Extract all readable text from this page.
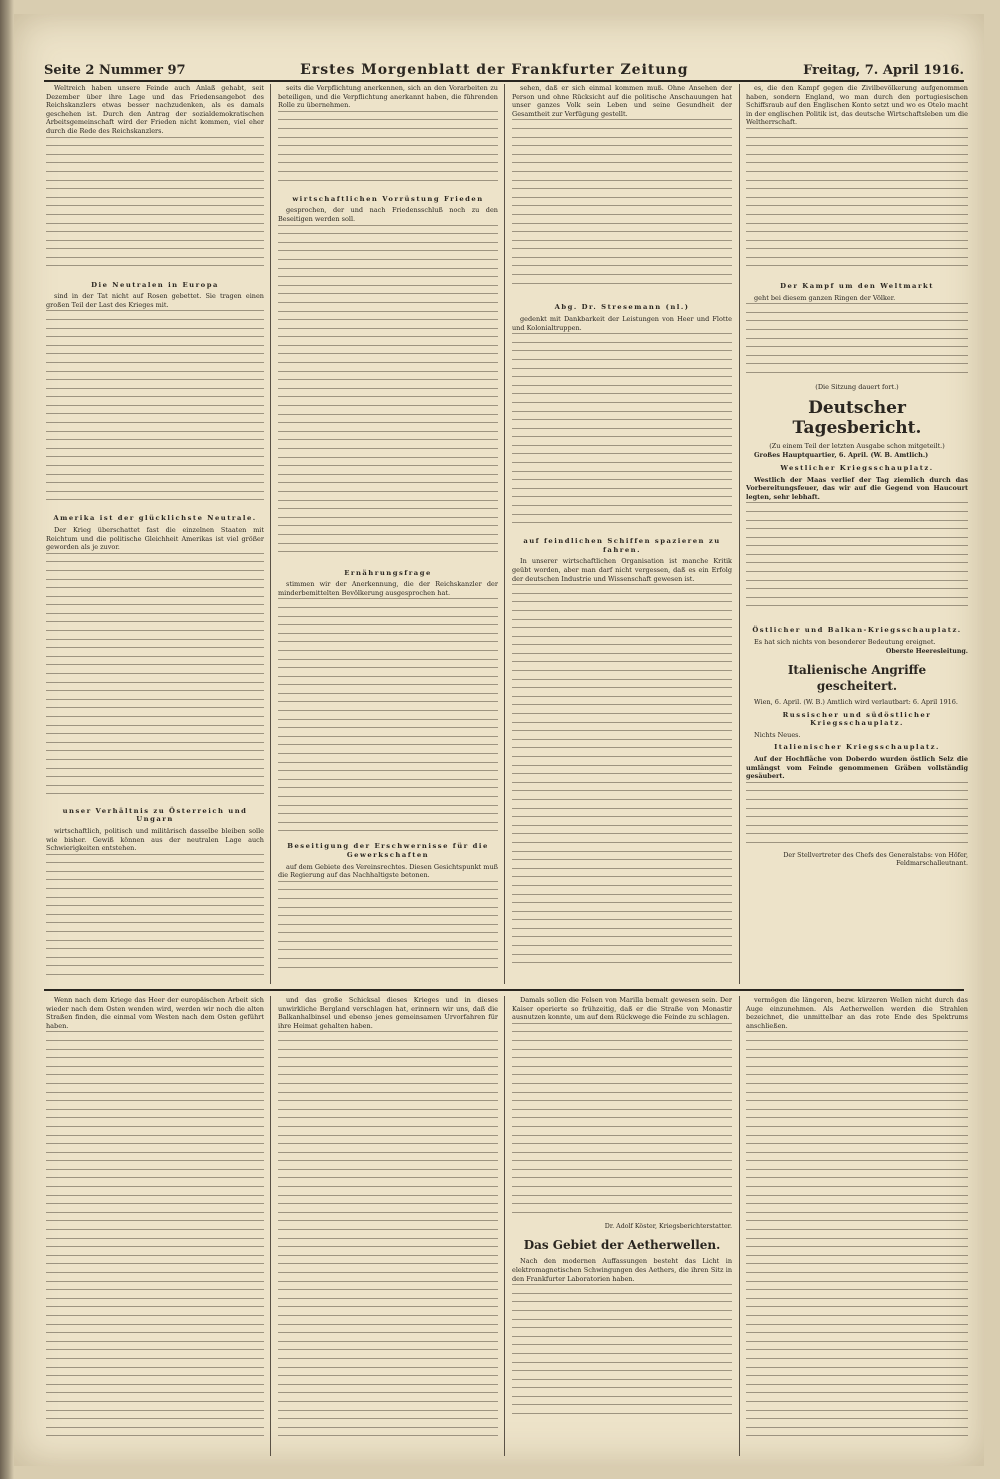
Seite 2 Nummer 97	Erstes Morgenblatt der Frankfurter Zeitung	Freitag, 7. April 1916.

Weltreich haben unsere Feinde auch Anlaß gehabt, seit Dezember über ihre Lage und das Friedensangebot des Reichskanzlers etwas besser nachzudenken, als es damals geschehen ist. Durch den Antrag der sozialdemokratischen Arbeitsgemeinschaft wird der Frieden nicht kommen, viel eher durch die Rede des Reichskanzlers.

Die Neutralen in Europa

sind in der Tat nicht auf Rosen gebettet. Sie tragen einen großen Teil der Last des Krieges mit.

Amerika ist der glücklichste Neutrale.

Der Krieg überschattet fast die einzelnen Staaten mit Reichtum und die politische Gleichheit Amerikas ist viel größer geworden als je zuvor.

unser Verhältnis zu Österreich und Ungarn

wirtschaftlich, politisch und militärisch dasselbe bleiben solle wie bisher. Gewiß können aus der neutralen Lage auch Schwierigkeiten entstehen.

seits die Verpflichtung anerkennen, sich an den Vorarbeiten zu beteiligen, und die Verpflichtung anerkannt haben, die führenden Rolle zu übernehmen.

wirtschaftlichen Vorrüstung Frieden

gesprochen, der und nach Friedensschluß noch zu den Beseitigen werden soll.

Ernährungsfrage

stimmen wir der Anerkennung, die der Reichskanzler der minderbemittelten Bevölkerung ausgesprochen hat.

Beseitigung der Erschwernisse für die Gewerkschaften

auf dem Gebiete des Vereinsrechtes. Diesen Gesichtspunkt muß die Regierung auf das Nachhaltigste betonen.

sehen, daß er sich einmal kommen muß. Ohne Ansehen der Person und ohne Rücksicht auf die politische Anschauungen hat unser ganzes Volk sein Leben und seine Gesundheit der Gesamtheit zur Verfügung gestellt.

Abg. Dr. Stresemann (nl.)

gedenkt mit Dankbarkeit der Leistungen von Heer und Flotte und Kolonialtruppen.

auf feindlichen Schiffen spazieren zu fahren.

In unserer wirtschaftlichen Organisation ist manche Kritik geübt worden, aber man darf nicht vergessen, daß es ein Erfolg der deutschen Industrie und Wissenschaft gewesen ist.

es, die den Kampf gegen die Zivilbevölkerung aufgenommen haben, sondern England, wo man durch den portugiesischen Schiffsraub auf den Englischen Konto setzt und wo es Otelo macht in der englischen Politik ist, das deutsche Wirtschaftsleben um die Weltherrschaft.

Der Kampf um den Weltmarkt

geht bei diesem ganzen Ringen der Völker.

(Die Sitzung dauert fort.)

Deutscher Tagesbericht.

(Zu einem Teil der letzten Ausgabe schon mitgeteilt.)

Großes Hauptquartier, 6. April. (W. B. Amtlich.)

Westlicher Kriegsschauplatz.

Westlich der Maas verlief der Tag ziemlich durch das Vorbereitungsfeuer, das wir auf die Gegend von Haucourt legten, sehr lebhaft.

Östlicher und Balkan-Kriegsschauplatz.

Es hat sich nichts von besonderer Bedeutung ereignet.

Oberste Heeresleitung.

Italienische Angriffe gescheitert.

Wien, 6. April. (W. B.) Amtlich wird verlautbart: 6. April 1916.

Russischer und südöstlicher Kriegsschauplatz.

Nichts Neues.

Italienischer Kriegsschauplatz.

Auf der Hochfläche von Doberdo wurden östlich Selz die umlängst vom Feinde genommenen Gräben vollständig gesäubert.

Der Stellvertreter des Chefs des Generalstabs: von Höfer, Feldmarschalleutnant.

Wenn nach dem Kriege das Heer der europäischen Arbeit sich wieder nach dem Osten wenden wird, werden wir noch die alten Straßen finden, die einmal vom Westen nach dem Osten geführt haben.

und das große Schicksal dieses Krieges und in dieses unwirkliche Bergland verschlagen hat, erinnern wir uns, daß die Balkanhalbinsel und ebenso jenes gemeinsamen Urvorfahren für ihre Heimat gehalten haben.

Damals sollen die Felsen von Marilla bemalt gewesen sein. Der Kaiser operierte so frühzeitig, daß er die Straße von Monastir ausnutzen konnte, um auf dem Rückwege die Feinde zu schlagen.

Dr. Adolf Köster, Kriegsberichterstatter.

Das Gebiet der Aetherwellen.

Nach den modernen Auffassungen besteht das Licht in elektromagnetischen Schwingungen des Aethers, die ihren Sitz in den Frankfurter Laboratorien haben.

vermögen die längeren, bezw. kürzeren Wellen nicht durch das Auge einzunehmen. Als Aetherwellen werden die Strahlen bezeichnet, die unmittelbar an das rote Ende des Spektrums anschließen.
